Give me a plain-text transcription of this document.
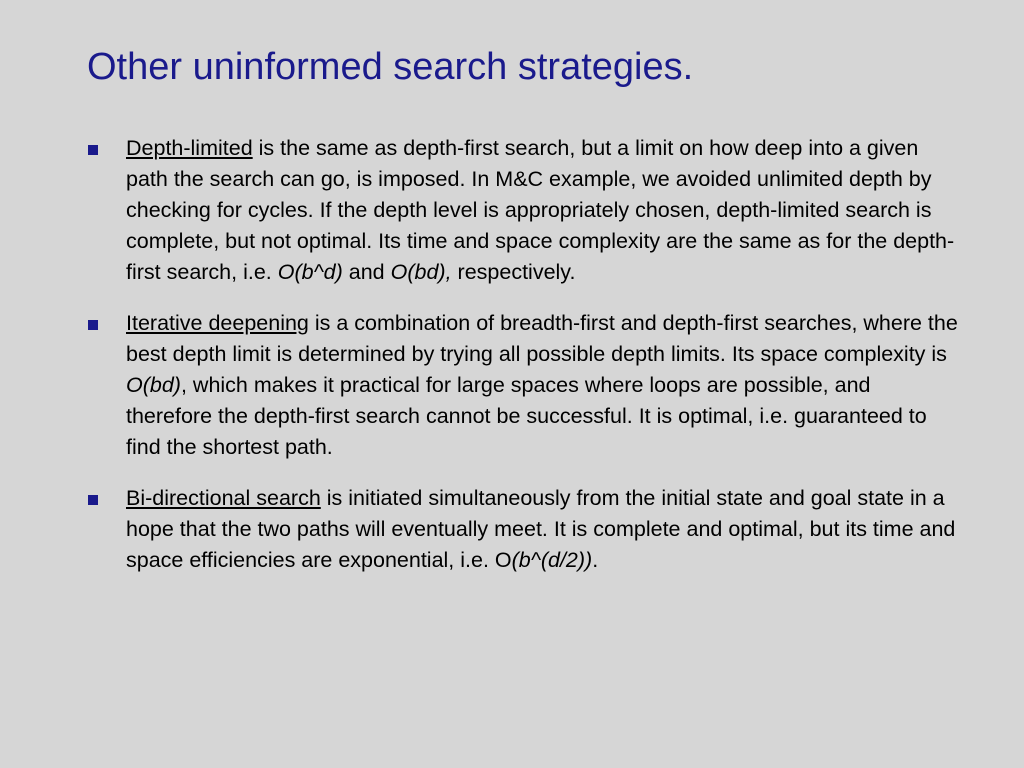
Other uninformed search strategies.
Depth-limited is the same as depth-first search, but a limit on how deep into a given path the search can go, is imposed. In M&C example, we avoided unlimited depth by checking for cycles. If the depth level is appropriately chosen, depth-limited search is complete, but not optimal. Its time and space complexity are the same as for the depth-first search, i.e. O(b^d) and O(bd), respectively.
Iterative deepening is a combination of breadth-first and depth-first searches, where the best depth limit is determined by trying all possible depth limits. Its space complexity is O(bd), which makes it practical for large spaces where loops are possible, and therefore the depth-first search cannot be successful. It is optimal, i.e. guaranteed to find the shortest path.
Bi-directional search is initiated simultaneously from the initial state and goal state in a hope that the two paths will eventually meet. It is complete and optimal, but its time and space efficiencies are exponential, i.e. O(b^(d/2)).
